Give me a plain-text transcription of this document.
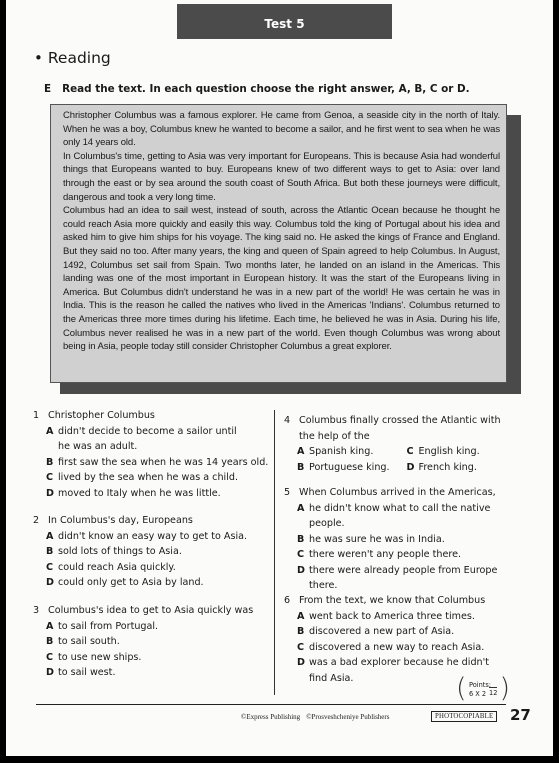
Test 5
• Reading
E Read the text. In each question choose the right answer, A, B, C or D.

Christopher Columbus was a famous explorer. He came from Genoa, a seaside city in the north of Italy. When he was a boy, Columbus knew he wanted to become a sailor, and he first went to sea when he was only 14 years old.

In Columbus's time, getting to Asia was very important for Europeans. This is because Asia had wonderful things that Europeans wanted to buy. Europeans knew of two different ways to get to Asia: over land through the east or by sea around the south coast of South Africa. But both these journeys were difficult, dangerous and took a very long time.

Columbus had an idea to sail west, instead of south, across the Atlantic Ocean because he thought he could reach Asia more quickly and easily this way. Columbus told the king of Portugal about his idea and asked him to give him ships for his voyage. The king said no. He asked the kings of France and England. But they said no too. After many years, the king and queen of Spain agreed to help Columbus. In August, 1492, Columbus set sail from Spain. Two months later, he landed on an island in the Americas. This landing was one of the most important in European history. It was the start of the Europeans living in America. But Columbus didn't understand he was in a new part of the world! He was certain he was in India. This is the reason he called the natives who lived in the Americas 'Indians'. Columbus returned to the Americas three more times during his lifetime. Each time, he believed he was in Asia. During his life, Columbus never realised he was in a new part of the world. Even though Columbus was wrong about being in Asia, people today still consider Christopher Columbus a great explorer.

1 Christopher Columbus
A didn't decide to become a sailor until he was an adult.
B first saw the sea when he was 14 years old.
C lived by the sea when he was a child.
D moved to Italy when he was little.
2 In Columbus's day, Europeans
A didn't know an easy way to get to Asia.
B sold lots of things to Asia.
C could reach Asia quickly.
D could only get to Asia by land.
3 Columbus's idea to get to Asia quickly was
A to sail from Portugal.
B to sail south.
C to use new ships.
D to sail west.
4 Columbus finally crossed the Atlantic with the help of the
A Spanish king.	C English king.
B Portuguese king. D French king.
5 When Columbus arrived in the Americas,
A he didn't know what to call the native people.
B he was sure he was in India.
C there weren't any people there.
D there were already people from Europe there.
6 From the text, we know that Columbus
A went back to America three times.
B discovered a new part of Asia.
C discovered a new way to reach Asia.
D was a bad explorer because he didn't find Asia.	( Points:
6 X 2 12 )
©Express Publishing ©Prosveshcheniye Publishers	PHOTOCOPIABLE 27
